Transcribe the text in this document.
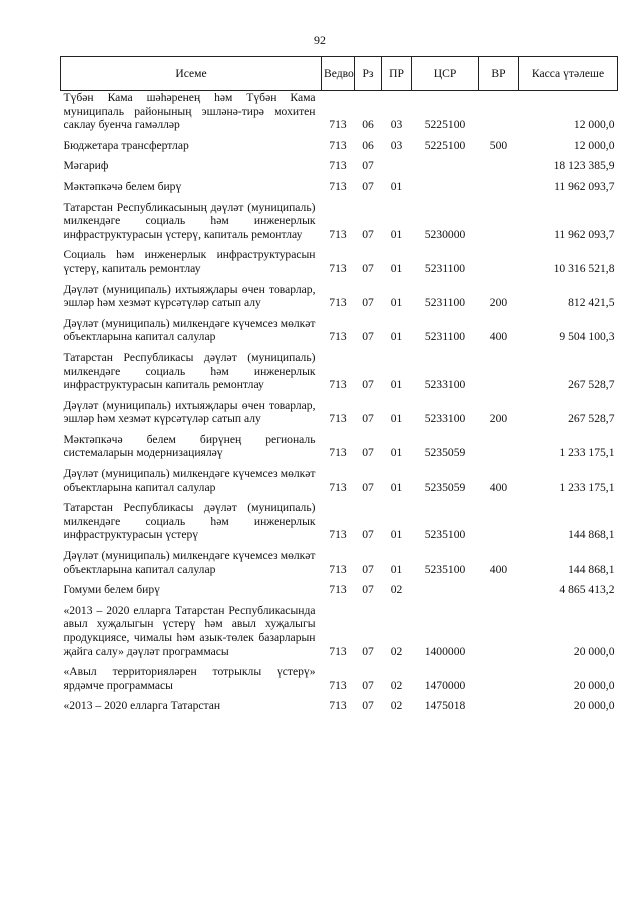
92
Исеме	Ведво	Рз	ПР	ЦСР	ВР	Касса үтәлеше
Түбән Кама шәһәренең һәм Түбән Кама муниципаль районының эшләнә-тирә мохитен саклау буенча гамәлләр	713	06	03	5225100		12 000,0
Бюджетара трансфертлар	713	06	03	5225100	500	12 000,0
Мәгариф	713	07				18 123 385,9
Мәктәпкәчә белем бирү	713	07	01			11 962 093,7
Татарстан Республикасының дәүләт (муниципаль) милкендәге социаль һәм инженерлык инфраструктурасын үстерү, капиталь ремонтлау	713	07	01	5230000		11 962 093,7
Социаль һәм инженерлык инфраструктурасын үстерү, капиталь ремонтлау	713	07	01	5231100		10 316 521,8
Дәүләт (муниципаль) ихтыяҗлары өчен товарлар, эшләр һәм хезмәт күрсәтүләр сатып алу	713	07	01	5231100	200	812 421,5
Дәүләт (муниципаль) милкендәге күчемсез мөлкәт объектларына капитал салулар	713	07	01	5231100	400	9 504 100,3
Татарстан Республикасы дәүләт (муниципаль) милкендәге социаль һәм инженерлык инфраструктурасын капиталь ремонтлау	713	07	01	5233100		267 528,7
Дәүләт (муниципаль) ихтыяҗлары өчен товарлар, эшләр һәм хезмәт күрсәтүләр сатып алу	713	07	01	5233100	200	267 528,7
Мәктәпкәчә белем бирүнең региональ системаларын модернизацияләү	713	07	01	5235059		1 233 175,1
Дәүләт (муниципаль) милкендәге күчемсез мөлкәт объектларына капитал салулар	713	07	01	5235059	400	1 233 175,1
Татарстан Республикасы дәүләт (муниципаль) милкендәге социаль һәм инженерлык инфраструктурасын үстерү	713	07	01	5235100		144 868,1
Дәүләт (муниципаль) милкендәге күчемсез мөлкәт объектларына капитал салулар	713	07	01	5235100	400	144 868,1
Гомуми белем бирү	713	07	02			4 865 413,2
«2013 – 2020 елларга Татарстан Республикасында авыл хуҗалыгын үстерү һәм авыл хуҗалыгы продукциясе, чималы һәм азык-төлек базарларын җайга салу» дәүләт программасы	713	07	02	1400000		20 000,0
«Авыл территорияләрен тотрыклы үстерү» ярдәмче программасы	713	07	02	1470000		20 000,0
«2013 – 2020 елларга Татарстан	713	07	02	1475018		20 000,0
